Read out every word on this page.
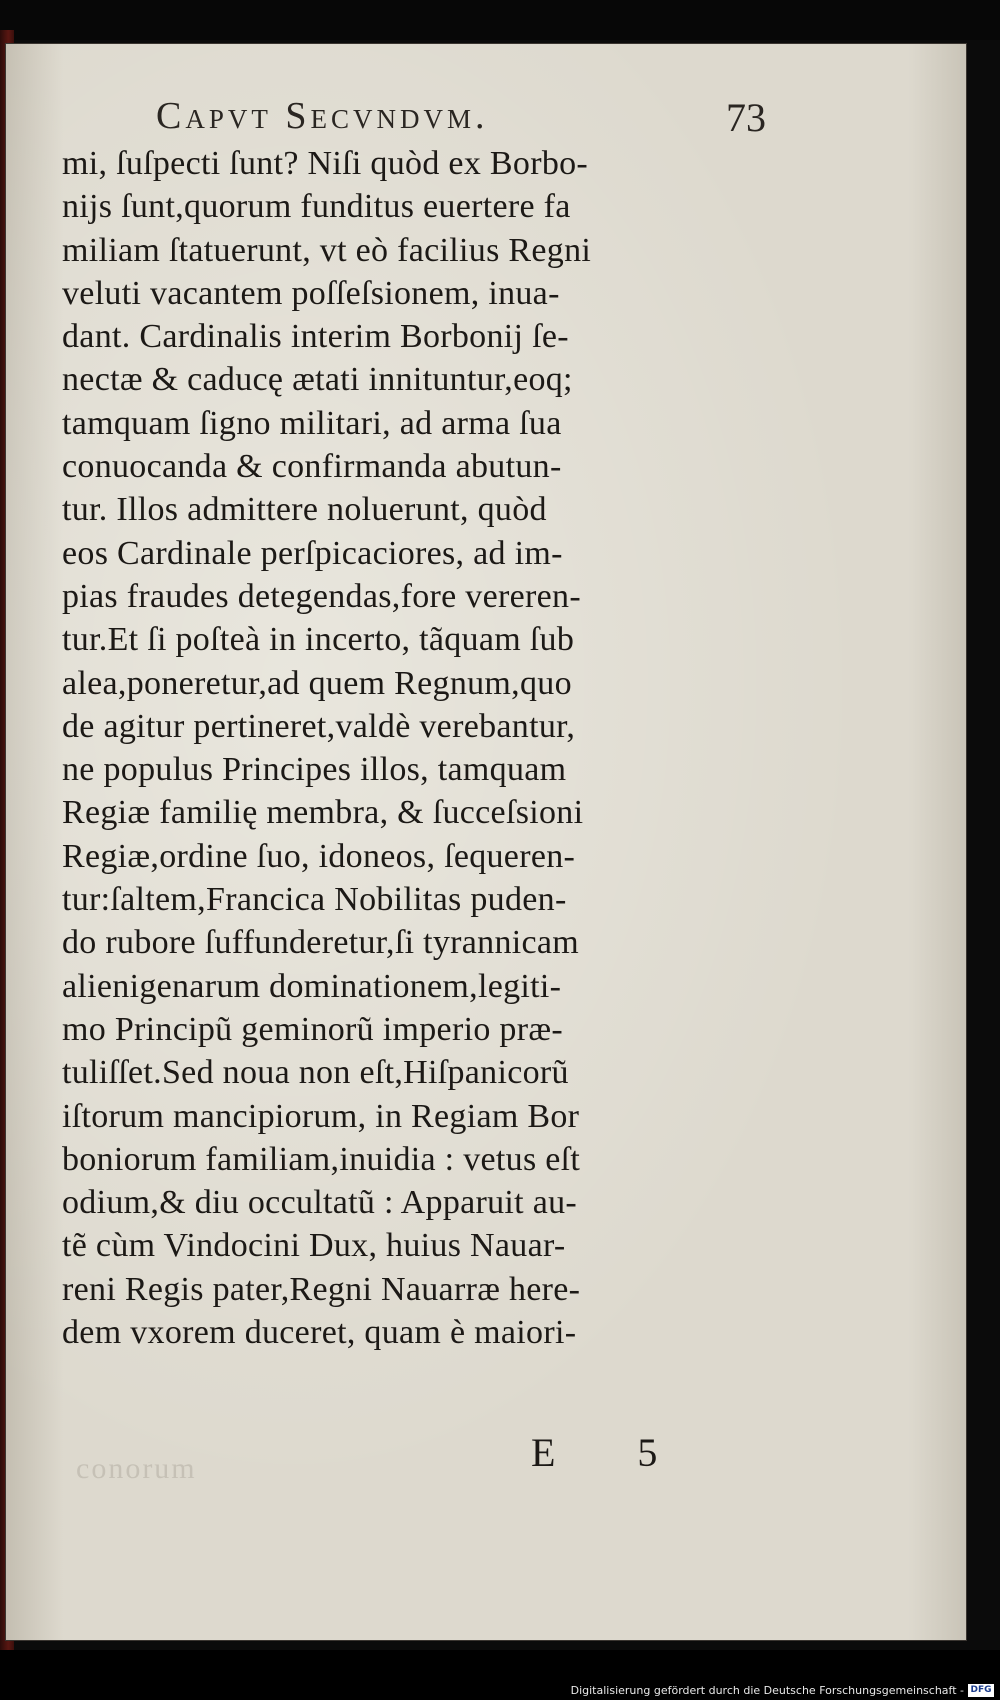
Capvt Secvndvm.	73
mi, ſuſpecti ſunt? Niſi quòd ex Borbo-
nijs ſunt,quorum funditus euertere fa
miliam ſtatuerunt, vt eò facilius Regni
veluti vacantem poſſeſsionem, inua-
dant. Cardinalis interim Borbonij ſe-
nectæ & caducę ætati innituntur,eoq;
tamquam ſigno militari, ad arma ſua
conuocanda & confirmanda abutun-
tur. Illos admittere noluerunt, quòd
eos Cardinale perſpicaciores, ad im-
pias fraudes detegendas,fore vereren-
tur.Et ſi poſteà in incerto, tãquam ſub
alea,poneretur,ad quem Regnum,quo
de agitur pertineret,valdè verebantur,
ne populus Principes illos, tamquam
Regiæ familię membra, & ſucceſsioni
Regiæ,ordine ſuo, idoneos, ſequeren-
tur:ſaltem,Francica Nobilitas puden-
do rubore ſuffunderetur,ſi tyrannicam
alienigenarum dominationem,legiti-
mo Principũ geminorũ imperio præ-
tuliſſet.Sed noua non eſt,Hiſpanicorũ
iſtorum mancipiorum, in Regiam Bor
boniorum familiam,inuidia : vetus eſt
odium,& diu occultatũ : Apparuit au-
tẽ cùm Vindocini Dux, huius Nauar-
reni Regis pater,Regni Nauarræ here-
dem vxorem duceret, quam è maiori-
E 5
conorum
Digitalisierung gefördert durch die Deutsche Forschungsgemeinschaft - DFG
